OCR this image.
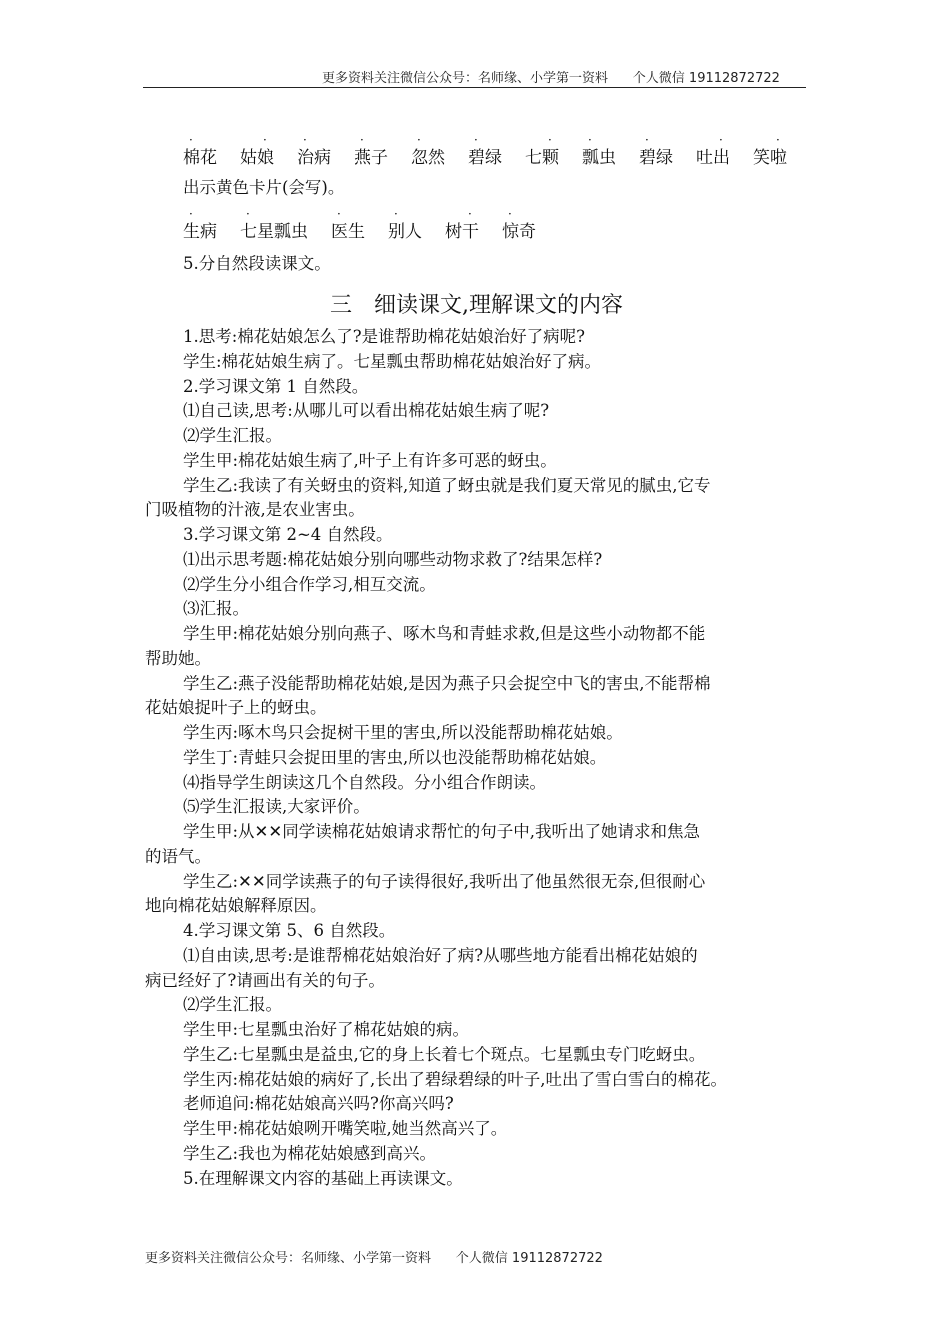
更多资料关注微信公众号：名师缘、小学第一资料      个人微信 19112872722
棉花
·
姑娘
·
治病
·
燕子
·
忽然
·
碧绿
·
七颗
·
瓢虫
·
碧绿
·
吐出
·
笑啦
·
出示黄色卡片(会写)。
生病
·
七星瓢虫
·
医生
·
别人
·
树干
·
惊奇
·
5.分自然段读课文。
三　细读课文,理解课文的内容
1.思考:棉花姑娘怎么了?是谁帮助棉花姑娘治好了病呢?
学生:棉花姑娘生病了。七星瓢虫帮助棉花姑娘治好了病。
2.学习课文第 1 自然段。
⑴自己读,思考:从哪儿可以看出棉花姑娘生病了呢?
⑵学生汇报。
学生甲:棉花姑娘生病了,叶子上有许多可恶的蚜虫。
学生乙:我读了有关蚜虫的资料,知道了蚜虫就是我们夏天常见的腻虫,它专
门吸植物的汁液,是农业害虫。
3.学习课文第 2~4 自然段。
⑴出示思考题:棉花姑娘分别向哪些动物求救了?结果怎样?
⑵学生分小组合作学习,相互交流。
⑶汇报。
学生甲:棉花姑娘分别向燕子、啄木鸟和青蛙求救,但是这些小动物都不能
帮助她。
学生乙:燕子没能帮助棉花姑娘,是因为燕子只会捉空中飞的害虫,不能帮棉
花姑娘捉叶子上的蚜虫。
学生丙:啄木鸟只会捉树干里的害虫,所以没能帮助棉花姑娘。
学生丁:青蛙只会捉田里的害虫,所以也没能帮助棉花姑娘。
⑷指导学生朗读这几个自然段。分小组合作朗读。
⑸学生汇报读,大家评价。
学生甲:从✕✕同学读棉花姑娘请求帮忙的句子中,我听出了她请求和焦急
的语气。
学生乙:✕✕同学读燕子的句子读得很好,我听出了他虽然很无奈,但很耐心
地向棉花姑娘解释原因。
4.学习课文第 5、6 自然段。
⑴自由读,思考:是谁帮棉花姑娘治好了病?从哪些地方能看出棉花姑娘的
病已经好了?请画出有关的句子。
⑵学生汇报。
学生甲:七星瓢虫治好了棉花姑娘的病。
学生乙:七星瓢虫是益虫,它的身上长着七个斑点。七星瓢虫专门吃蚜虫。
学生丙:棉花姑娘的病好了,长出了碧绿碧绿的叶子,吐出了雪白雪白的棉花。
老师追问:棉花姑娘高兴吗?你高兴吗?
学生甲:棉花姑娘咧开嘴笑啦,她当然高兴了。
学生乙:我也为棉花姑娘感到高兴。
5.在理解课文内容的基础上再读课文。
更多资料关注微信公众号：名师缘、小学第一资料      个人微信 19112872722
